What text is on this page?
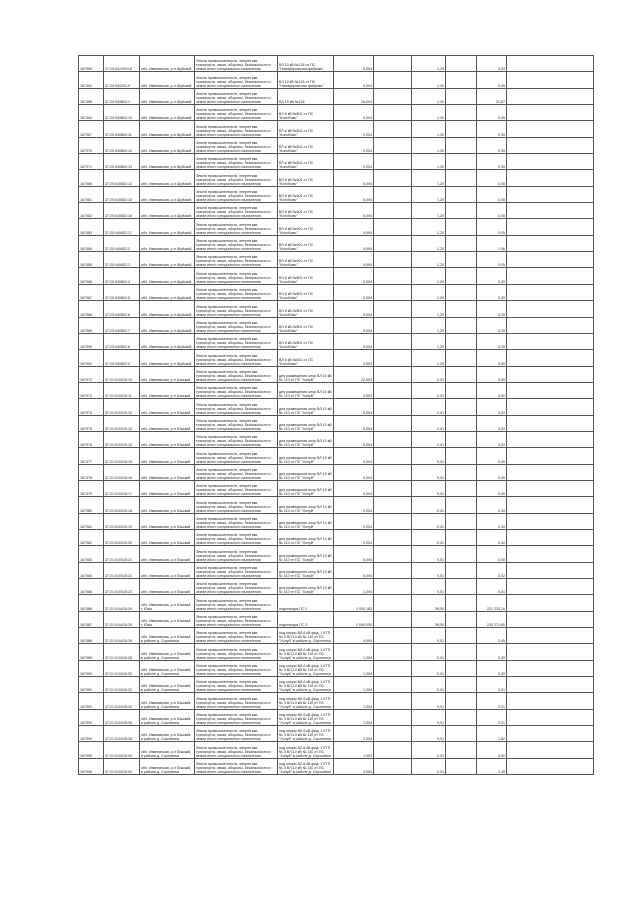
167050	27:20:0422001:8	обл. Ивановская, р-н Шуйский	Земли промышленности, энергетики, транспорта, связи, обороны, безопасности и земли иного специального назначения	ВЛ 10 кВ №126 от ПС "Никифоровская фабрика"	0,004		1,20		0,05	
167052	37:20:040201:9	обл. Ивановская, р-н Шуйский	Земли промышленности, энергетики, транспорта, связи, обороны, безопасности и земли иного специального назначения	ВЛ 10 кВ №126 от ПС "Никифоровская фабрика"	0,004		1,20		0,05	
167058	37:20:040802:1	обл. Ивановская, р-н Шуйский	Земли промышленности, энергетики, транспорта, связи, обороны, безопасности и земли иного специального назначения	ВЛ 10 кВ №126	16,004		1,20		21,67	
167064	37:20:040802:10	обл. Ивановская, р-н Шуйский	Земли промышленности, энергетики, транспорта, связи, обороны, безопасности и земли иного специального назначения	ВЛ 6 кВ №601 от ПС "Колобово"	0,004		1,20		0,05	
167067	37:20:040802:11	обл. Ивановская, р-н Шуйский	Земли промышленности, энергетики, транспорта, связи, обороны, безопасности и земли иного специального назначения	ВЛ 6 кВ №601 от ПС "Колобово"	0,004		1,20		0,05	
167070	37:20:040802:12	обл. Ивановская, р-н Шуйский	Земли промышленности, энергетики, транспорта, связи, обороны, безопасности и земли иного специального назначения	ВЛ 6 кВ №601 от ПС "Колобово"	0,004		1,20		0,05	
167071	37:20:040802:13	обл. Ивановская, р-н Шуйский	Земли промышленности, энергетики, транспорта, связи, обороны, безопасности и земли иного специального назначения	ВЛ 6 кВ №601 от ПС "Колобово"	0,004		1,20		0,05	
167080	37:20:040802:14	обл. Ивановская, р-н Шуйский	Земли промышленности, энергетики, транспорта, связи, обороны, безопасности и земли иного специального назначения	ВЛ 6 кВ №601 от ПС "Колобово"	0,004		1,20		0,05	
167081	37:20:040802:15	обл. Ивановская, р-н Шуйский	Земли промышленности, энергетики, транспорта, связи, обороны, безопасности и земли иного специального назначения	ВЛ 6 кВ №601 от ПС "Колобово"	0,004		1,20		0,05	
167082	37:20:040802:16	обл. Ивановская, р-н Шуйский	Земли промышленности, энергетики, транспорта, связи, обороны, безопасности и земли иного специального назначения	ВЛ 6 кВ №601 от ПС "Колобово"	0,004		1,20		0,05	
167083	37:20:040802:17	обл. Ивановская, р-н Шуйский	Земли промышленности, энергетики, транспорта, связи, обороны, безопасности и земли иного специального назначения	ВЛ 6 кВ №601 от ПС "Колобово"	0,004		1,20		0,05	
167084	37:20:040802:2	обл. Ивановская, р-н Шуйский	Земли промышленности, энергетики, транспорта, связи, обороны, безопасности и земли иного специального назначения	ВЛ 6 кВ №601 от ПС "Колобово"	0,004		1,20		1,06	
167085	37:20:040802:3	обл. Ивановская, р-н Шуйский	Земли промышленности, энергетики, транспорта, связи, обороны, безопасности и земли иного специального назначения	ВЛ 6 кВ №601 от ПС "Колобово"	0,004		1,20		0,05	
167086	37:20:040802:4	обл. Ивановская, р-н Шуйский	Земли промышленности, энергетики, транспорта, связи, обороны, безопасности и земли иного специального назначения	ВЛ 6 кВ №601 от ПС "Колобово"	0,004		1,20		0,05	
167087	37:20:040802:5	обл. Ивановская, р-н Шуйский	Земли промышленности, энергетики, транспорта, связи, обороны, безопасности и земли иного специального назначения	ВЛ 6 кВ №601 от ПС "Колобово"	0,004		1,20		0,05	
167088	37:20:040802:6	обл. Ивановская, р-н Шуйский	Земли промышленности, энергетики, транспорта, связи, обороны, безопасности и земли иного специального назначения	ВЛ 6 кВ №601 от ПС "Колобово"	0,004		1,20		0,05	
167089	37:20:040802:7	обл. Ивановская, р-н Шуйский	Земли промышленности, энергетики, транспорта, связи, обороны, безопасности и земли иного специального назначения	ВЛ 6 кВ №601 от ПС "Колобово"	0,004		1,20		0,05	
167090	37:20:040802:8	обл. Ивановская, р-н Шуйский	Земли промышленности, энергетики, транспорта, связи, обороны, безопасности и земли иного специального назначения	ВЛ 6 кВ №601 от ПС "Колобово"	0,004		1,20		0,05	
167091	37:20:040802:9	обл. Ивановская, р-н Шуйский	Земли промышленности, энергетики, транспорта, связи, обороны, безопасности и земли иного специального назначения	ВЛ 6 кВ №601 от ПС "Колобово"	0,004		1,20		0,05	
167072	37:21:010415:10	обл. Ивановская, р-н Южский	Земли промышленности, энергетики, транспорта, связи, обороны, безопасности и земли иного специального назначения	для размещения опор ВЛ 10 кВ № 110 от ПС "Холуй"	22,004		0,01		0,05	
167073	37:21:010415:11	обл. Ивановская, р-н Южский	Земли промышленности, энергетики, транспорта, связи, обороны, безопасности и земли иного специального назначения	для размещения опор ВЛ 10 кВ № 110 от ПС "Холуй"	0,004		0,01		0,00	
167074	37:21:010415:12	обл. Ивановская, р-н Южский	Земли промышленности, энергетики, транспорта, связи, обороны, безопасности и земли иного специального назначения	для размещения опор ВЛ 10 кВ № 110 от ПС "Холуй"	0,004		0,01		0,00	
167075	37:21:010415:13	обл. Ивановская, р-н Южский	Земли промышленности, энергетики, транспорта, связи, обороны, безопасности и земли иного специального назначения	для размещения опор ВЛ 10 кВ № 110 от ПС "Холуй"	0,004		0,01		0,00	
167076	37:21:010415:14	обл. Ивановская, р-н Южский	Земли промышленности, энергетики, транспорта, связи, обороны, безопасности и земли иного специального назначения	для размещения опор ВЛ 10 кВ № 110 от ПС "Холуй"	0,004		0,01		0,00	
167077	37:21:010415:15	обл. Ивановская, р-н Южский	Земли промышленности, энергетики, транспорта, связи, обороны, безопасности и земли иного специального назначения	для размещения опор ВЛ 10 кВ № 110 от ПС "Холуй"	0,004		0,01		0,00	
167078	37:21:010415:16	обл. Ивановская, р-н Южский	Земли промышленности, энергетики, транспорта, связи, обороны, безопасности и земли иного специального назначения	для размещения опор ВЛ 10 кВ № 110 от ПС "Холуй"	0,004		0,01		0,00	
167079	37:21:010415:17	обл. Ивановская, р-н Южский	Земли промышленности, энергетики, транспорта, связи, обороны, безопасности и земли иного специального назначения	для размещения опор ВЛ 10 кВ № 110 от ПС "Холуй"	0,004		0,01		0,00	
167080	37:21:010415:18	обл. Ивановская, р-н Южский	Земли промышленности, энергетики, транспорта, связи, обороны, безопасности и земли иного специального назначения	для размещения опор ВЛ 10 кВ № 110 от ПС "Холуй"	0,004		0,01		0,00	
167081	37:21:010415:19	обл. Ивановская, р-н Южский	Земли промышленности, энергетики, транспорта, связи, обороны, безопасности и земли иного специального назначения	для размещения опор ВЛ 10 кВ № 110 от ПС "Холуй"	0,004		0,01		0,00	
167082	37:21:010415:20	обл. Ивановская, р-н Южский	Земли промышленности, энергетики, транспорта, связи, обороны, безопасности и земли иного специального назначения	для размещения опор ВЛ 10 кВ № 110 от ПС "Холуй"	0,004		0,01		0,02	
167083	37:21:010415:21	обл. Ивановская, р-н Южский	Земли промышленности, энергетики, транспорта, связи, обороны, безопасности и земли иного специального назначения	для размещения опор ВЛ 10 кВ № 110 от ПС "Холуй"	0,004		0,01		0,00	
167084	37:21:010415:22	обл. Ивановская, р-н Южский	Земли промышленности, энергетики, транспорта, связи, обороны, безопасности и земли иного специального назначения	для размещения опор ВЛ 10 кВ № 110 от ПС "Холуй"	0,004		0,01		0,02	
167085	37:21:010415:23	обл. Ивановская, р-н Южский	Земли промышленности, энергетики, транспорта, связи, обороны, безопасности и земли иного специального назначения	для размещения опор ВЛ 10 кВ № 110 от ПС "Холуй"	1,004		0,01		0,01	
167086	37:21:010415:24	обл. Ивановская, р-н Южский, г. Южа	Земли промышленности, энергетики, транспорта, связи, обороны, безопасности и земли иного специального назначения	подстанция ПС 1	1 000,163		28,00		221 233,16	
167087	37:21:010415:25	обл. Ивановская, р-н Южский, г. Южа	Земли промышленности, энергетики, транспорта, связи, обороны, безопасности и земли иного специального назначения	подстанция ПС 2	2 000,000		28,00		230 271,60	
167088	37:21:010415:26	обл. Ивановская, р-н Южский, в районе д. Сорочинка	Земли промышленности, энергетики, транспорта, связи, обороны, безопасности и земли иного специального назначения	под опоры ВЛ-6 кВ фид. 1 КТП № 3 ВЛ-10 кВ № 110 от ПС "Холуй" в районе д. Сорочинка	4,004		0,01		2,45	
167089	37:21:010415:28	обл. Ивановская, р-н Южский, в районе д. Сорочинка	Земли промышленности, энергетики, транспорта, связи, обороны, безопасности и земли иного специального назначения	под опоры ВЛ-6 кВ фид. 1 КТП № 3 ВЛ-10 кВ № 110 от ПС "Холуй" в районе д. Сорочинка	1,004		0,01		0,00	
167090	37:21:010415:30	обл. Ивановская, р-н Южский, в районе д. Сорочинка	Земли промышленности, энергетики, транспорта, связи, обороны, безопасности и земли иного специального назначения	под опоры ВЛ-6 кВ фид. 1 КТП № 3 ВЛ-10 кВ № 110 от ПС "Холуй" в районе д. Сорочинка	1,004		0,01		0,00	
167091	37:21:010415:32	обл. Ивановская, р-н Южский, в районе д. Сорочинка	Земли промышленности, энергетики, транспорта, связи, обороны, безопасности и земли иного специального назначения	под опоры ВЛ-6 кВ фид. 1 КТП № 3 ВЛ-10 кВ № 110 от ПС "Холуй" в районе д. Сорочинка	1,004		0,01		0,01	
167092	37:21:010415:34	обл. Ивановская, р-н Южский, в районе д. Сорочинка	Земли промышленности, энергетики, транспорта, связи, обороны, безопасности и земли иного специального назначения	под опоры ВЛ-6 кВ фид. 1 КТП № 3 ВЛ-10 кВ № 110 от ПС "Холуй" в районе д. Сорочинка	1,004		0,01		0,01	
167093	37:21:010415:36	обл. Ивановская, р-н Южский, в районе д. Сорочинка	Земли промышленности, энергетики, транспорта, связи, обороны, безопасности и земли иного специального назначения	под опоры ВЛ-6 кВ фид. 1 КТП № 3 ВЛ-10 кВ № 110 от ПС "Холуй" в районе д. Сорочинка	1,004		0,01		0,01	
167094	37:21:010415:38	обл. Ивановская, р-н Южский, в районе д. Сорочинка	Земли промышленности, энергетики, транспорта, связи, обороны, безопасности и земли иного специального назначения	под опоры ВЛ-6 кВ фид. 1 КТП № 3 ВЛ-10 кВ № 110 от ПС "Холуй" в районе д. Сорочинка	2,004		0,01		1,62	
167095	37:21:010415:40	обл. Ивановская, р-н Южский, в районе д. Сорочинка	Земли промышленности, энергетики, транспорта, связи, обороны, безопасности и земли иного специального назначения	под опоры ВЛ-6 кВ фид. 1 КТП № 3 ВЛ-10 кВ № 110 от ПС "Холуй" в районе д. Сорочинка	1,004		0,01		0,00	
167096	37:21:010415:42	обл. Ивановская, р-н Южский, в районе д. Сорочинка	Земли промышленности, энергетики, транспорта, связи, обороны, безопасности и земли иного специального назначения	под опоры ВЛ-6 кВ фид. 1 КТП № 3 ВЛ-10 кВ № 110 от ПС "Холуй" в районе д. Сорочинка	4,004		0,01		2,45	
